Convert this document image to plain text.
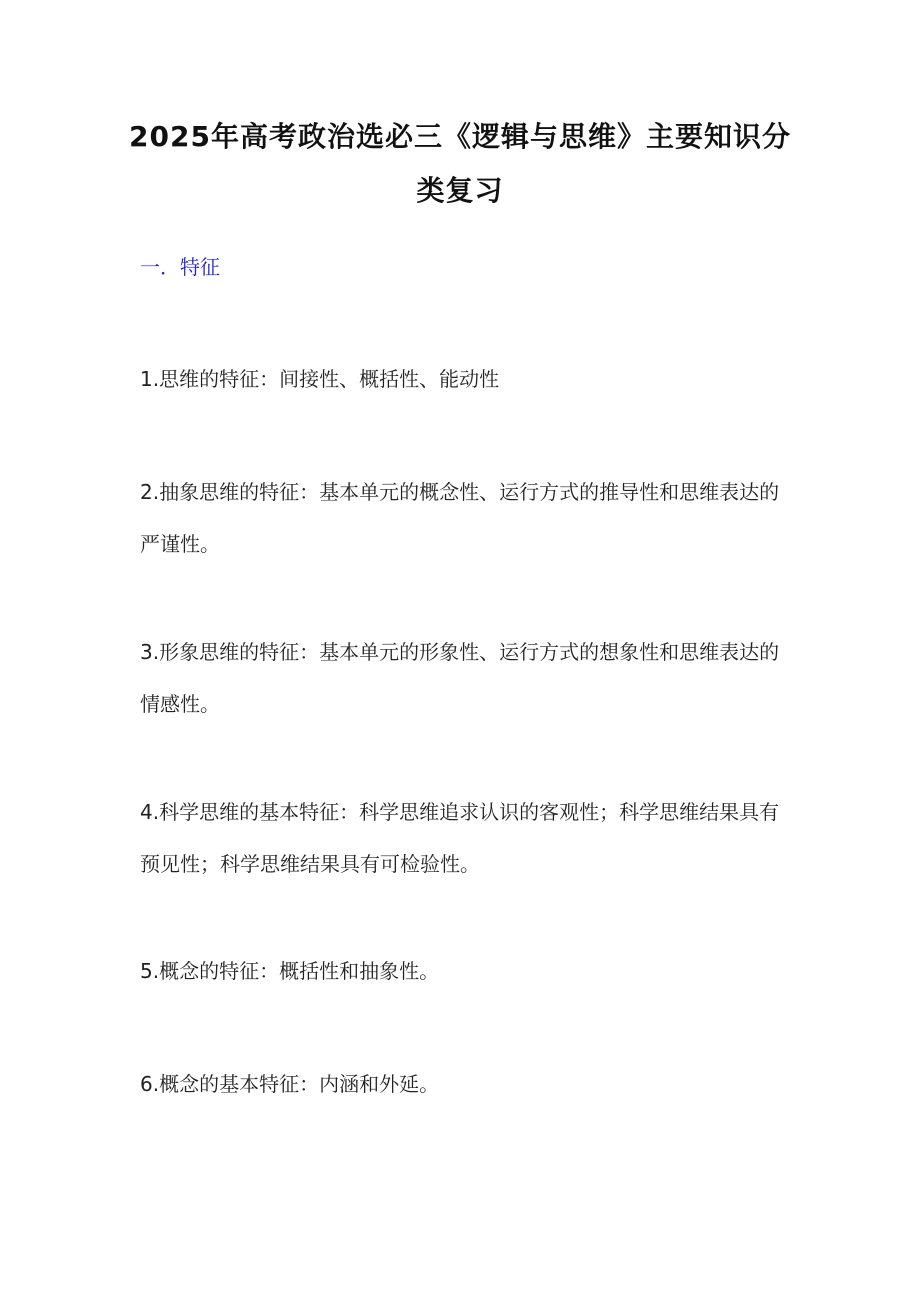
2025年高考政治选必三《逻辑与思维》主要知识分类复习
一．特征

1.思维的特征：间接性、概括性、能动性

2.抽象思维的特征：基本单元的概念性、运行方式的推导性和思维表达的严谨性。

3.形象思维的特征：基本单元的形象性、运行方式的想象性和思维表达的情感性。

4.科学思维的基本特征：科学思维追求认识的客观性；科学思维结果具有预见性；科学思维结果具有可检验性。

5.概念的特征：概括性和抽象性。

6.概念的基本特征：内涵和外延。
